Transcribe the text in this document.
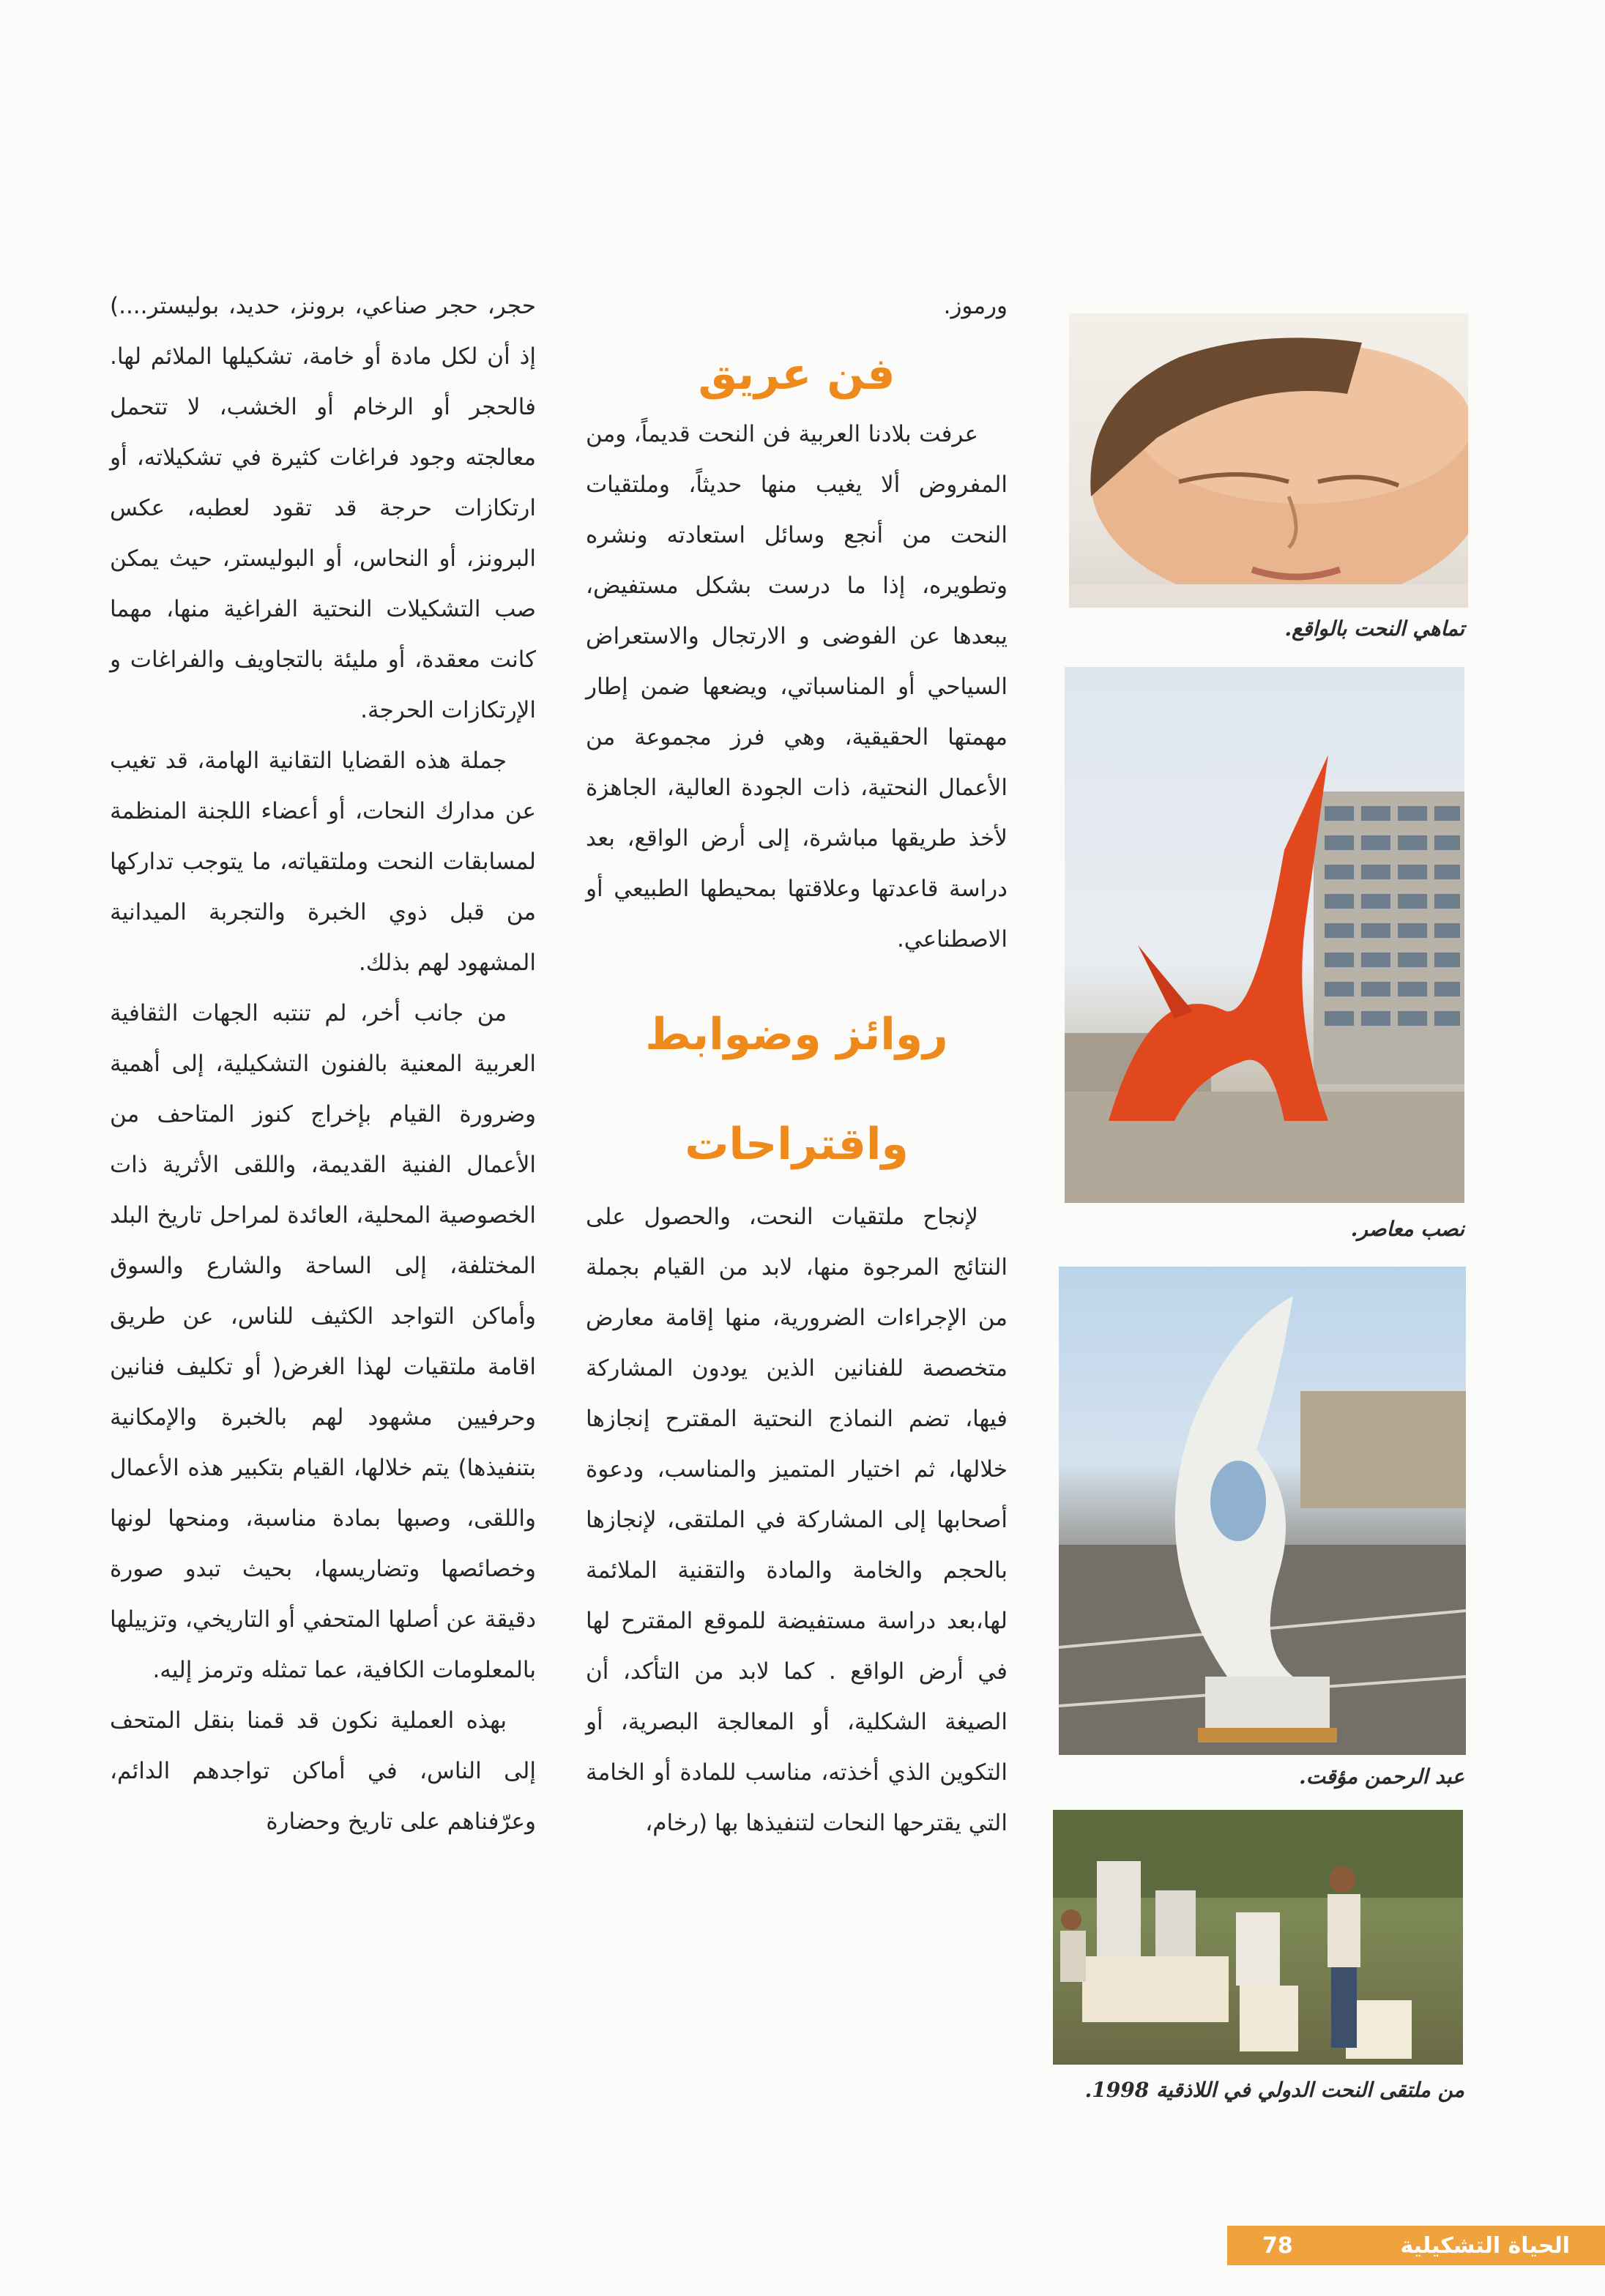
ورموز.

فن عريق

عرفت بلادنا العربية فن النحت قديماً، ومن المفروض ألا يغيب منها حديثاً، وملتقيات النحت من أنجع وسائل استعادته ونشره وتطويره، إذا ما درست بشكل مستفيض، يبعدها عن الفوضى و الارتجال والاستعراض السياحي أو المناسباتي، ويضعها ضمن إطار مهمتها الحقيقية، وهي فرز مجموعة من الأعمال النحتية، ذات الجودة العالية، الجاهزة لأخذ طريقها مباشرة، إلى أرض الواقع، بعد دراسة قاعدتها وعلاقتها بمحيطها الطبيعي أو الاصطناعي.

روائز وضوابط

واقتراحات

لإنجاح ملتقيات النحت، والحصول على النتائج المرجوة منها، لابد من القيام بجملة من الإجراءات الضرورية، منها إقامة معارض متخصصة للفنانين الذين يودون المشاركة فيها، تضم النماذج النحتية المقترح إنجازها خلالها، ثم اختيار المتميز والمناسب، ودعوة أصحابها إلى المشاركة في الملتقى، لإنجازها بالحجم والخامة والمادة والتقنية الملائمة لها،بعد دراسة مستفيضة للموقع المقترح لها في أرض الواقع . كما لابد من التأكد، أن الصيغة الشكلية، أو المعالجة البصرية، أو التكوين الذي أخذته، مناسب للمادة أو الخامة التي يقترحها النحات لتنفيذها بها (رخام،

حجر، حجر صناعي، برونز، حديد، بوليستر....) إذ أن لكل مادة أو خامة، تشكيلها الملائم لها. فالحجر أو الرخام أو الخشب، لا تتحمل معالجته وجود فراغات كثيرة في تشكيلاته، أو ارتكازات حرجة قد تقود لعطبه، عكس البرونز، أو النحاس، أو البوليستر، حيث يمكن صب التشكيلات النحتية الفراغية منها، مهما كانت معقدة، أو مليئة بالتجاويف والفراغات و الإرتكازات الحرجة.

جملة هذه القضايا التقانية الهامة، قد تغيب عن مدارك النحات، أو أعضاء اللجنة المنظمة لمسابقات النحت وملتقياته، ما يتوجب تداركها من قبل ذوي الخبرة والتجربة الميدانية المشهود لهم بذلك.

من جانب أخر، لم تنتبه الجهات الثقافية العربية المعنية بالفنون التشكيلية، إلى أهمية وضرورة القيام بإخراج كنوز المتاحف من الأعمال الفنية القديمة، واللقى الأثرية ذات الخصوصية المحلية، العائدة لمراحل تاريخ البلد المختلفة، إلى الساحة والشارع والسوق وأماكن التواجد الكثيف للناس، عن طريق اقامة ملتقيات لهذا الغرض( أو تكليف فنانين وحرفيين مشهود لهم بالخبرة والإمكانية بتنفيذها) يتم خلالها، القيام بتكبير هذه الأعمال واللقى، وصبها بمادة مناسبة، ومنحها لونها وخصائصها وتضاريسها، بحيث تبدو صورة دقيقة عن أصلها المتحفي أو التاريخي، وتزييلها بالمعلومات الكافية، عما تمثله وترمز إليه.

بهذه العملية نكون قد قمنا بنقل المتحف إلى الناس، في أماكن تواجدهم الدائم، وعرّفناهم على تاريخ وحضارة

تماهي النحت بالواقع.
نصب معاصر.
عبد الرحمن مؤقت.
من ملتقى النحت الدولي في اللاذقية 1998.
الحياة التشكيلية
78
